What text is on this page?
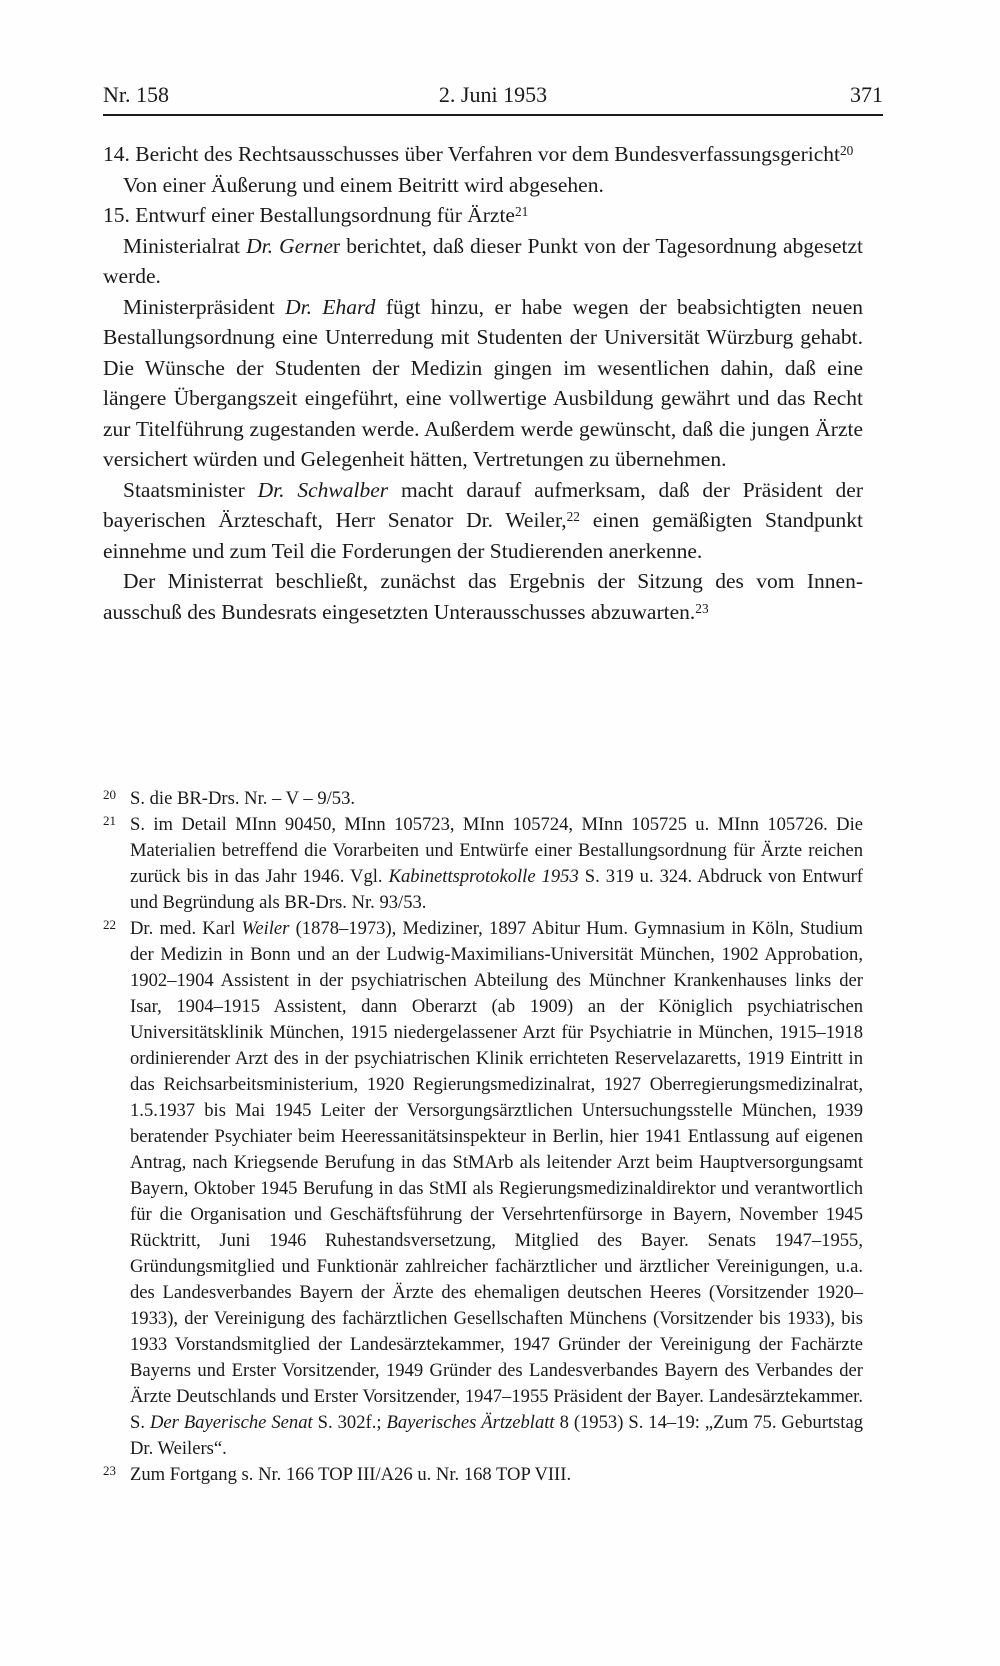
Nr. 158	2. Juni 1953	371

14. Bericht des Rechtsausschusses über Verfahren vor dem Bundesverfassungsgericht$^{20}$

Von einer Äußerung und einem Beitritt wird abgesehen.

15. Entwurf einer Bestallungsordnung für Ärzte$^{21}$

Ministerialrat Dr. Gerner berichtet, daß dieser Punkt von der Tagesordnung abgesetzt werde.

Ministerpräsident Dr. Ehard fügt hinzu, er habe wegen der beabsichtigten neuen Bestallungsordnung eine Unterredung mit Studenten der Universität Würzburg gehabt. Die Wünsche der Studenten der Medizin gingen im wesentlichen dahin, daß eine längere Übergangszeit eingeführt, eine vollwertige Ausbildung gewährt und das Recht zur Titelführung zugestanden werde. Außerdem werde gewünscht, daß die jungen Ärzte versichert würden und Gelegenheit hätten, Vertretungen zu übernehmen.

Staatsminister Dr. Schwalber macht darauf aufmerksam, daß der Präsident der bayerischen Ärzteschaft, Herr Senator Dr. Weiler,$^{22}$ einen gemäßigten Standpunkt einnehme und zum Teil die Forderungen der Studierenden anerkenne.

Der Ministerrat beschließt, zunächst das Ergebnis der Sitzung des vom Innenausschuß des Bundesrats eingesetzten Unterausschusses abzuwarten.$^{23}$

20 S. die BR-Drs. Nr. – V – 9/53.
21 S. im Detail MInn 90450, MInn 105723, MInn 105724, MInn 105725 u. MInn 105726. Die Materialien betreffend die Vorarbeiten und Entwürfe einer Bestallungsordnung für Ärzte reichen zurück bis in das Jahr 1946. Vgl. Kabinettsprotokolle 1953 S. 319 u. 324. Abdruck von Entwurf und Begründung als BR-Drs. Nr. 93/53.
22 Dr. med. Karl Weiler (1878–1973), Mediziner, 1897 Abitur Hum. Gymnasium in Köln, Studium der Medizin in Bonn und an der Ludwig-Maximilians-Universität München, 1902 Approbation, 1902–1904 Assistent in der psychiatrischen Abteilung des Münchner Krankenhauses links der Isar, 1904–1915 Assistent, dann Oberarzt (ab 1909) an der Königlich psychiatrischen Universitätsklinik München, 1915 niedergelassener Arzt für Psychiatrie in München, 1915–1918 ordinierender Arzt des in der psychiatrischen Klinik errichteten Reservelazaretts, 1919 Eintritt in das Reichsarbeitsministerium, 1920 Regierungsmedizinalrat, 1927 Oberregierungsmedizinalrat, 1.5.1937 bis Mai 1945 Leiter der Versorgungsärztlichen Untersuchungsstelle München, 1939 beratender Psychiater beim Heeressanitätsinspekteur in Berlin, hier 1941 Entlassung auf eigenen Antrag, nach Kriegsende Berufung in das StMArb als leitender Arzt beim Hauptversorgungsamt Bayern, Oktober 1945 Berufung in das StMI als Regierungsmedizinaldirektor und verantwortlich für die Organisation und Geschäftsführung der Versehrtenfürsorge in Bayern, November 1945 Rücktritt, Juni 1946 Ruhestandsversetzung, Mitglied des Bayer. Senats 1947–1955, Gründungsmitglied und Funktionär zahlreicher fachärztlicher und ärztlicher Vereinigungen, u.a. des Landesverbandes Bayern der Ärzte des ehemaligen deutschen Heeres (Vorsitzender 1920–1933), der Vereinigung des fachärztlichen Gesellschaften Münchens (Vorsitzender bis 1933), bis 1933 Vorstandsmitglied der Landesärztekammer, 1947 Gründer der Vereinigung der Fachärzte Bayerns und Erster Vorsitzender, 1949 Gründer des Landesverbandes Bayern des Verbandes der Ärzte Deutschlands und Erster Vorsitzender, 1947–1955 Präsident der Bayer. Landesärztekammer. S. Der Bayerische Senat S. 302f.; Bayerisches Ärtzeblatt 8 (1953) S. 14–19: „Zum 75. Geburtstag Dr. Weilers“.
23 Zum Fortgang s. Nr. 166 TOP III/A26 u. Nr. 168 TOP VIII.
